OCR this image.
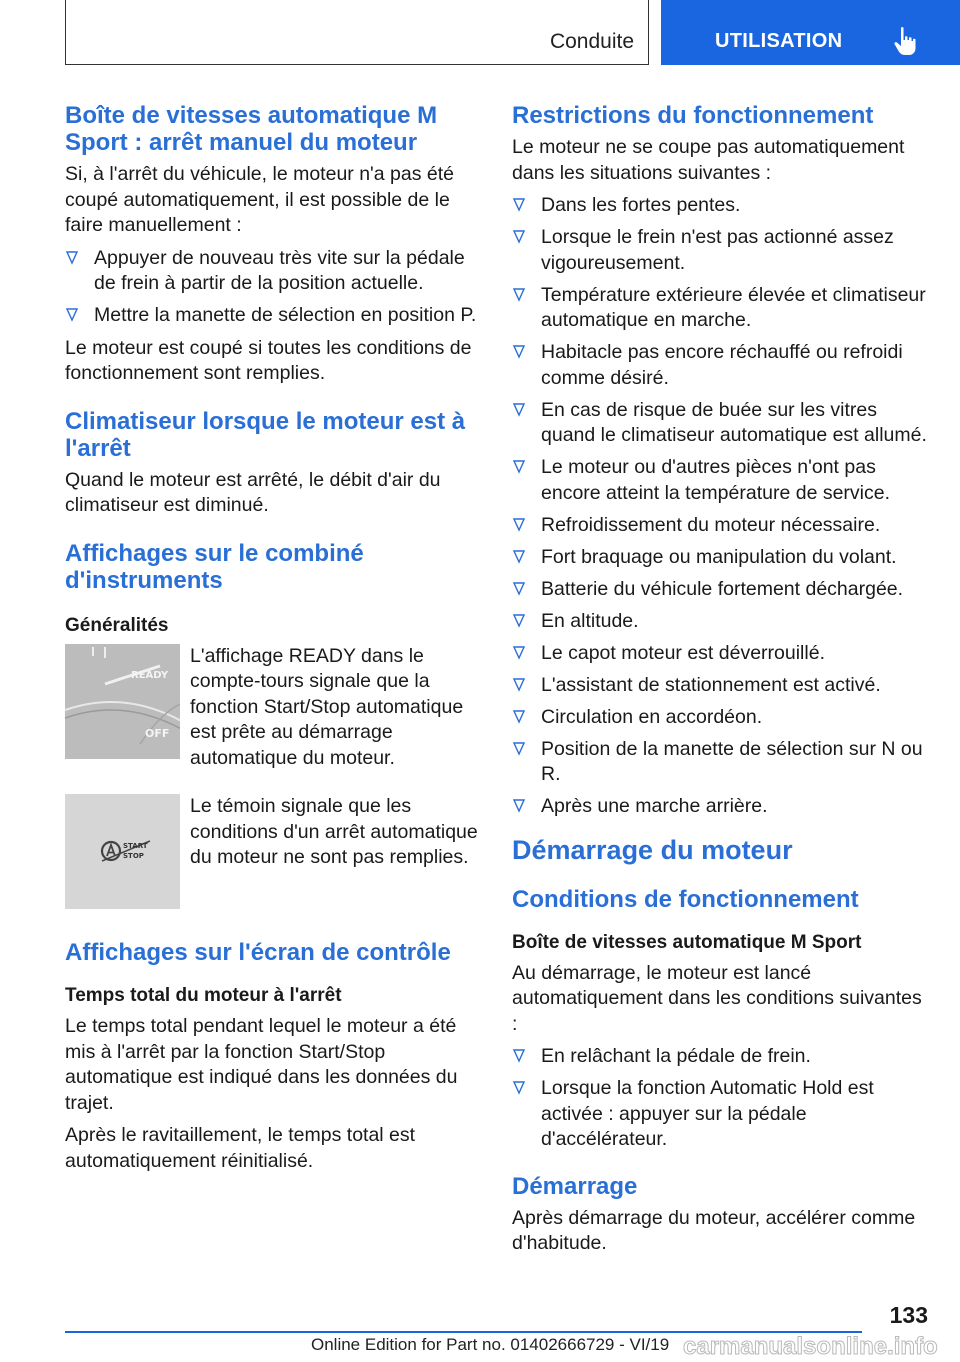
Conduite	UTILISATION
Boîte de vitesses automatique M Sport : arrêt manuel du moteur

Si, à l'arrêt du véhicule, le moteur n'a pas été coupé automatiquement, il est possible de le faire manuellement :

Appuyer de nouveau très vite sur la pédale de frein à partir de la position actuelle.
Mettre la manette de sélection en position P.

Le moteur est coupé si toutes les conditions de fonctionnement sont remplies.

Climatiseur lorsque le moteur est à l'arrêt

Quand le moteur est arrêté, le débit d'air du climatiseur est diminué.

Affichages sur le combiné d'instruments
Généralités
READY
OFF

L'affichage READY dans le compte-tours signale que la fonction Start/Stop automatique est prête au démarrage automatique du moteur.

START
STOP

Le témoin signale que les conditions d'un arrêt automatique du moteur ne sont pas remplies.

Affichages sur l'écran de contrôle
Temps total du moteur à l'arrêt

Le temps total pendant lequel le moteur a été mis à l'arrêt par la fonction Start/Stop automatique est indiqué dans les données du trajet.

Après le ravitaillement, le temps total est automatiquement réinitialisé.

Restrictions du fonctionnement

Le moteur ne se coupe pas automatiquement dans les situations suivantes :

Dans les fortes pentes.
Lorsque le frein n'est pas actionné assez vigoureusement.
Température extérieure élevée et climatiseur automatique en marche.
Habitacle pas encore réchauffé ou refroidi comme désiré.
En cas de risque de buée sur les vitres quand le climatiseur automatique est allumé.
Le moteur ou d'autres pièces n'ont pas encore atteint la température de service.
Refroidissement du moteur nécessaire.
Fort braquage ou manipulation du volant.
Batterie du véhicule fortement déchargée.
En altitude.
Le capot moteur est déverrouillé.
L'assistant de stationnement est activé.
Circulation en accordéon.
Position de la manette de sélection sur N ou R.
Après une marche arrière.
Démarrage du moteur
Conditions de fonctionnement
Boîte de vitesses automatique M Sport

Au démarrage, le moteur est lancé automatiquement dans les conditions suivantes :

En relâchant la pédale de frein.
Lorsque la fonction Automatic Hold est activée : appuyer sur la pédale d'accélérateur.
Démarrage

Après démarrage du moteur, accélérer comme d'habitude.

133
Online Edition for Part no. 01402666729 - VI/19 carmanualsonline.info
